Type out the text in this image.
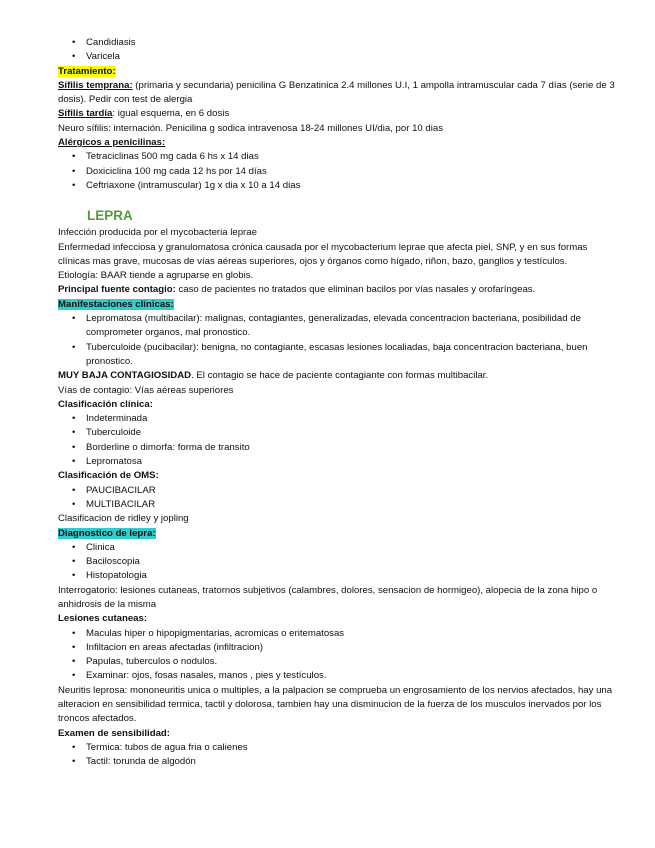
• Candidiasis
• Varicela

Tratamiento:

Sífilis temprana: (primaria y secundaria) penicilina G Benzatinica 2.4 millones U.I, 1 ampolla intramuscular cada 7 días (serie de 3 dosis). Pedir con test de alergia

Sífilis tardía: igual esquema, en 6 dosis

Neuro sífilis: internación. Penicilina g sodica intravenosa 18-24 millones UI/dia, por 10 dias

Alérgicos a penicilinas:

• Tetraciclinas 500 mg cada 6 hs x 14 dias
• Doxiciclina 100 mg cada 12 hs por 14 días
• Ceftriaxone (intramuscular) 1g x dia x 10 a 14 dias
LEPRA

Infección producida por el mycobacteria leprae

Enfermedad infecciosa y granulomatosa crónica causada por el mycobacterium leprae que afecta piel, SNP, y en sus formas clínicas mas grave, mucosas de vías aéreas superiores, ojos y órganos como hígado, riñon, bazo, ganglios y testículos.

Etiología: BAAR tiende a agruparse en globis.

Principal fuente contagio: caso de pacientes no tratados que eliminan bacilos por vías nasales y orofaríngeas.

Manifestaciones clínicas:

• Lepromatosa (multibacilar): malignas, contagiantes, generalizadas, elevada concentracion bacteriana, posibilidad de comprometer organos, mal pronostico.
• Tuberculoide (pucibacilar): benigna, no contagiante, escasas lesiones localiadas, baja concentracion bacteriana, buen pronostico.

MUY BAJA CONTAGIOSIDAD. El contagio se hace de paciente contagiante con formas multibacilar.

Vías de contagio: Vías aéreas superiores

Clasificación clínica:

• Indeterminada
• Tuberculoide
• Borderline o dimorfa: forma de transito
• Lepromatosa

Clasificación de OMS:

• PAUCIBACILAR
• MULTIBACILAR

Clasificacion de ridley y jopling

Diagnostico de lepra:

• Clinica
• Baciloscopia
• Histopatologia

Interrogatorio: lesiones cutaneas, tratornos subjetivos (calambres, dolores, sensacion de hormigeo), alopecia de la zona hipo o anhidrosis de la misma

Lesiones cutaneas:

• Maculas hiper o hipopigmentarias, acromicas o eritematosas
• Infiltacion en areas afectadas (infiltracion)
• Papulas, tuberculos o nodulos.
• Examinar: ojos, fosas nasales, manos , pies y testículos.

Neuritis leprosa: mononeuritis unica o multiples, a la palpacion se comprueba un engrosamiento de los nervios afectados, hay una alteracion en sensibilidad termica, tactil y dolorosa, tambien hay una disminucion de la fuerza de los musculos inervados por los troncos afectados.

Examen de sensibilidad:

• Termica: tubos de agua fria o calienes
• Tactil: torunda de algodón
